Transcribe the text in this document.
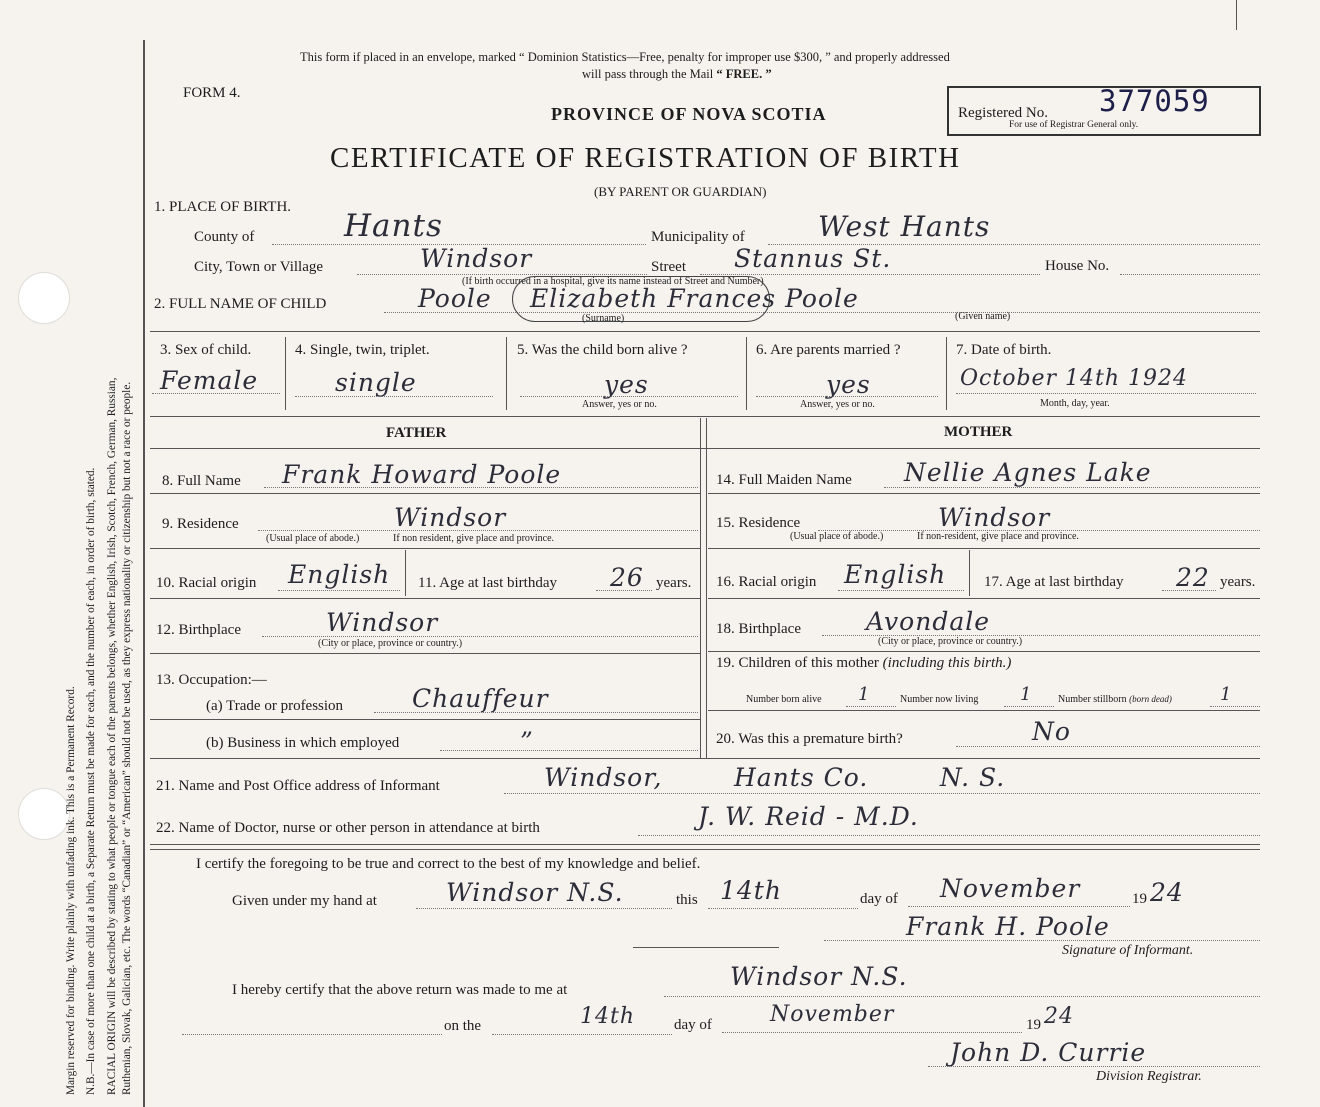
Margin reserved for binding. Write plainly with unfading ink. This is a Permanent Record. N.B.—In case of more than one child at a birth, a Separate Return must be made for each, and the number of each, in order of birth, stated. RACIAL ORIGIN will be described by stating to what people or tongue each of the parents belongs, whether English, Irish, Scotch, French, German, Russian, Ruthenian, Slovak, Galician, etc. The words “Canadian” or “American” should not be used, as they express nationality or citizenship but not a race or people.
This form if placed in an envelope, marked “ Dominion Statistics—Free, penalty for improper use $300, ” and properly addressed
will pass through the Mail “ FREE. ”
FORM 4.
PROVINCE OF NOVA SCOTIA
CERTIFICATE OF REGISTRATION OF BIRTH
(BY PARENT OR GUARDIAN)
Registered No. 377059
For use of Registrar General only.
1. PLACE OF BIRTH.
County of	Hants	Municipality of	West Hants
City, Town or Village	Windsor	Street Stannus St.	House No.
(If birth occurred in a hospital, give its name instead of Street and Number)
2. FULL NAME OF CHILD	Poole Elizabeth Frances Poole
(Surname)	(Given name)
3. Sex of child.
Female
4. Single, twin, triplet.
single
5. Was the child born alive ?
yes
Answer, yes or no.
6. Are parents married ?
yes
Answer, yes or no.
7. Date of birth.
October 14th 1924
Month, day, year.
FATHER	MOTHER
8. Full Name Frank Howard Poole
9. Residence	Windsor
(Usual place of abode.)	If non resident, give place and province.
10. Racial origin English 11. Age at last birthday 26 years.
12. Birthplace	Windsor
(City or place, province or country.)
13. Occupation:—
(a) Trade or profession	Chauffeur
(b) Business in which employed	”
14. Full Maiden Name Nellie Agnes Lake
15. Residence	Windsor
(Usual place of abode.)	If non-resident, give place and province.
16. Racial origin English	17. Age at last birthday 22 years.
18. Birthplace	Avondale
(City or place, province or country.)
19. Children of this mother (including this birth.)
Number born alive 1	Number now living 1	Number stillborn (born dead)	1
20. Was this a premature birth?	No
21. Name and Post Office address of Informant	Windsor,        Hants Co.        N. S.
22. Name of Doctor, nurse or other person in attendance at birth	J. W. Reid - M.D.
I certify the foregoing to be true and correct to the best of my knowledge and belief.
Given under my hand at	Windsor N.S.	this 14th	day of November	19 24
Frank H. Poole
Signature of Informant.
I hereby certify that the above return was made to me at	Windsor N.S.
on the	14th	day of	November	19 24
John D. Currie
Division Registrar.
